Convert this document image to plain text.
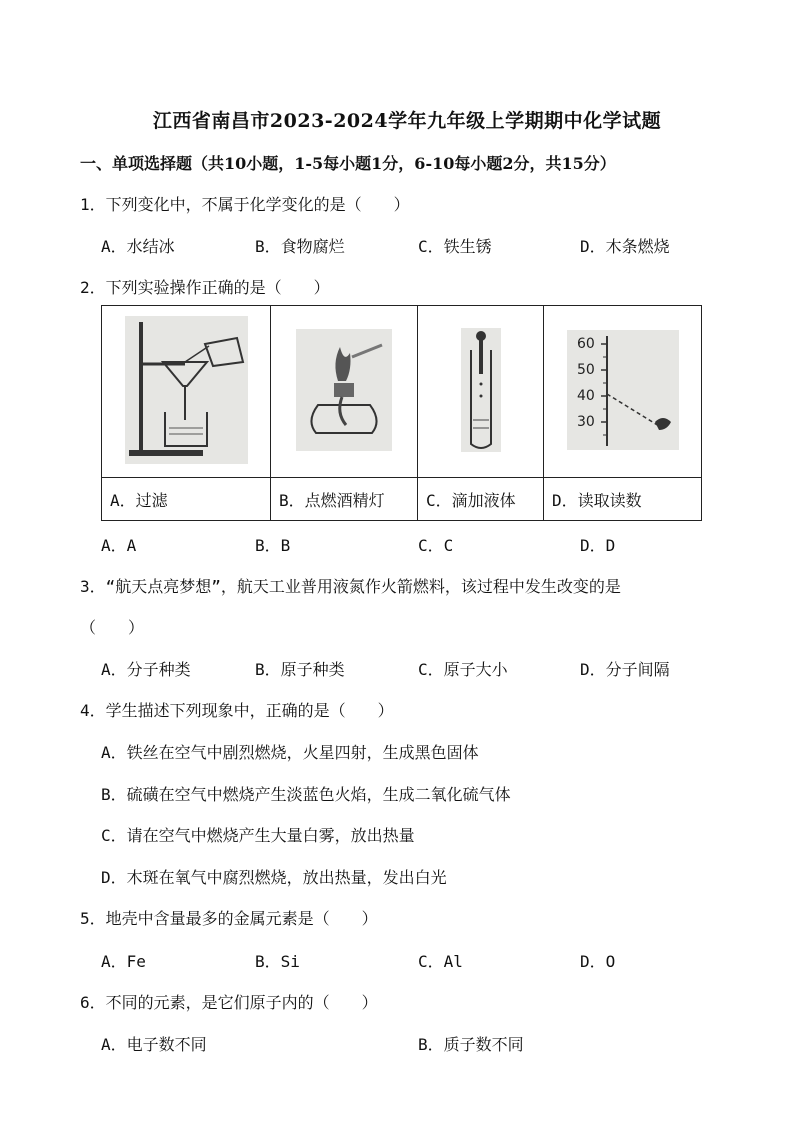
江西省南昌市2023-2024学年九年级上学期期中化学试题
一、单项选择题（共10小题，1-5每小题1分，6-10每小题2分，共15分）
1．下列变化中，不属于化学变化的是（　　）
A．水结冰	B．食物腐烂	C．铁生锈	D．木条燃烧
2．下列实验操作正确的是（　　）

60
50
40
30

A．过滤	B．点燃酒精灯	C．滴加液体	D．读取读数
A．A	B．B	C．C	D．D
3．“航天点亮梦想”，航天工业普用液氮作火箭燃料，该过程中发生改变的是
（　　）
A．分子种类	B．原子种类	C．原子大小	D．分子间隔
4．学生描述下列现象中，正确的是（　　）
A．铁丝在空气中剧烈燃烧，火星四射，生成黑色固体
B．硫磺在空气中燃烧产生淡蓝色火焰，生成二氧化硫气体
C．请在空气中燃烧产生大量白雾，放出热量
D．木斑在氧气中腐烈燃烧，放出热量，发出白光
5．地壳中含量最多的金属元素是（　　）
A．Fe	B．Si	C．Al	D．O
6．不同的元素，是它们原子内的（　　）
A．电子数不同	B．质子数不同
